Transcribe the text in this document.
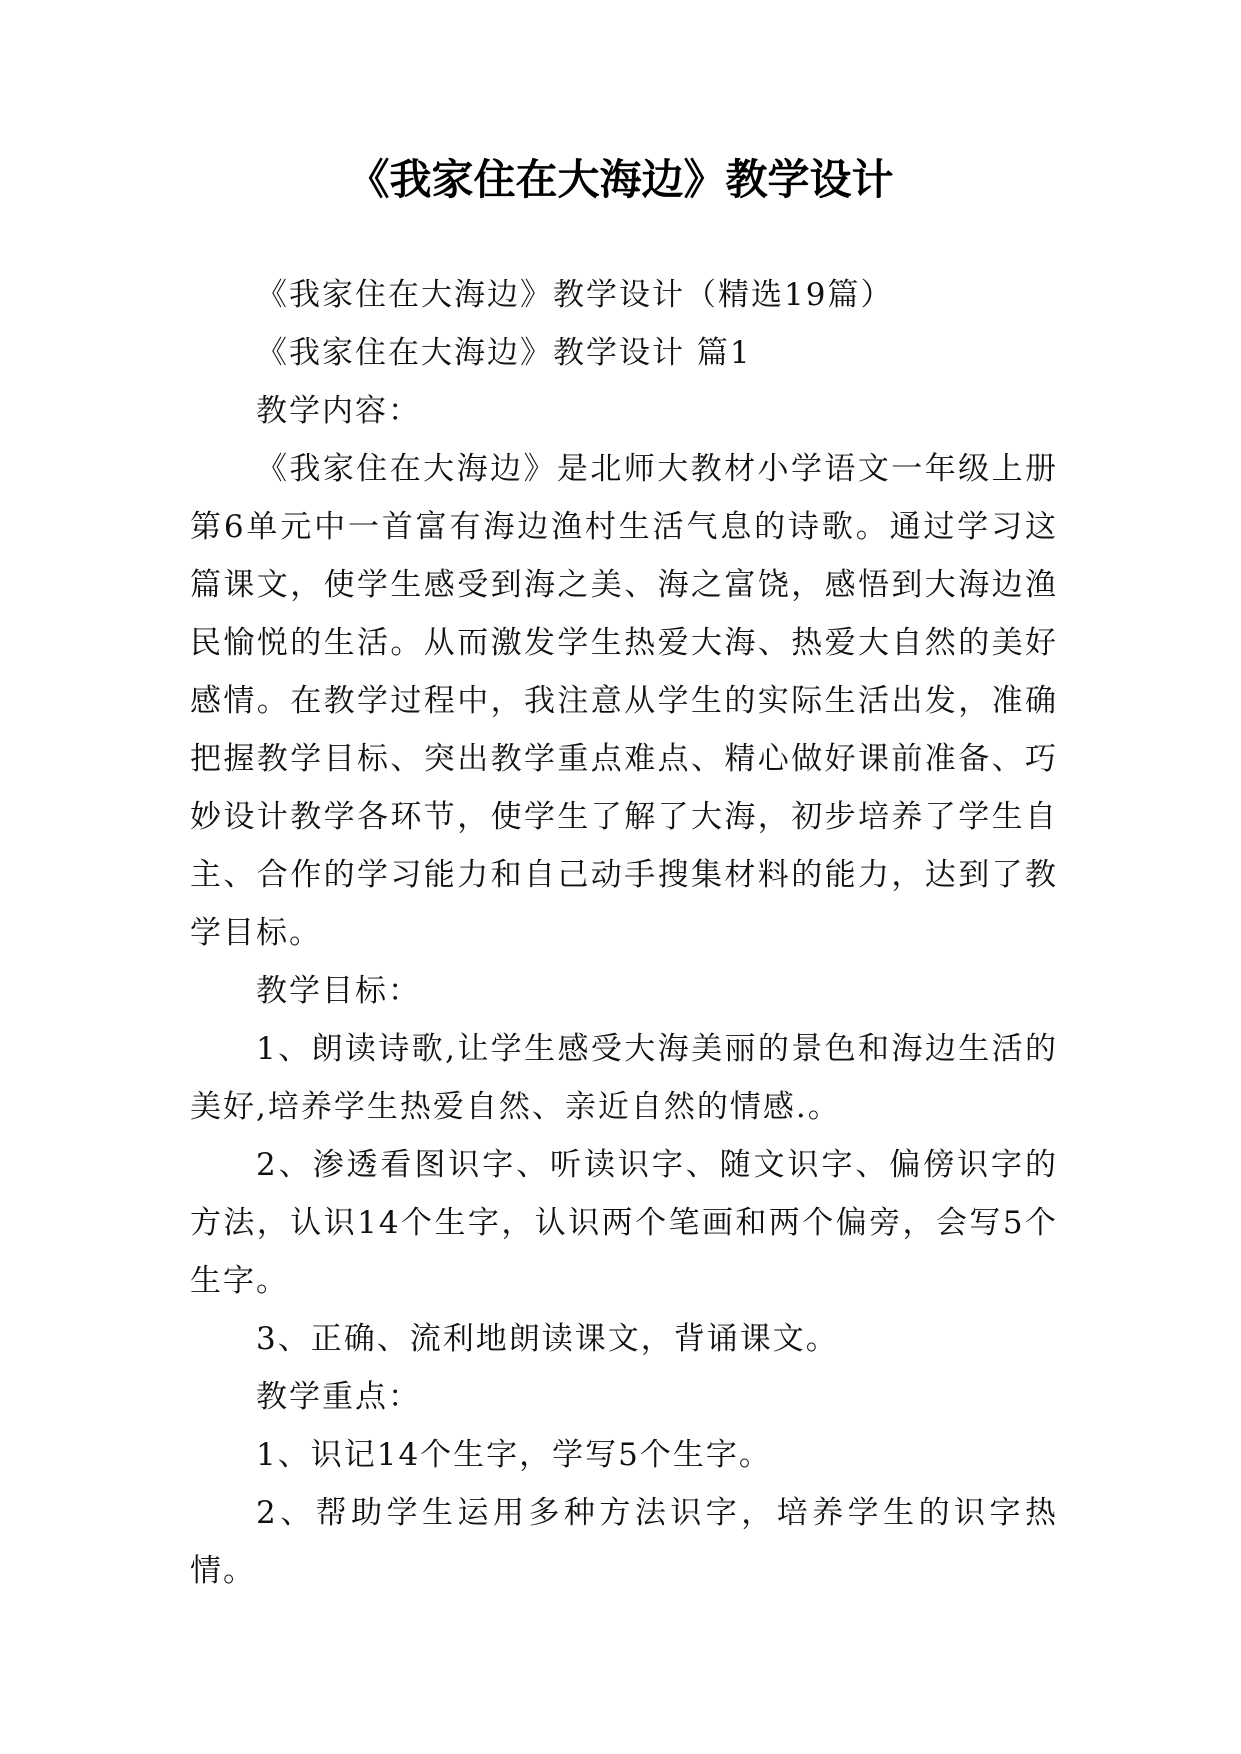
《我家住在大海边》教学设计

《我家住在大海边》教学设计（精选19篇）

《我家住在大海边》教学设计 篇1

教学内容：

《我家住在大海边》是北师大教材小学语文一年级上册第6单元中一首富有海边渔村生活气息的诗歌。通过学习这篇课文，使学生感受到海之美、海之富饶，感悟到大海边渔民愉悦的生活。从而激发学生热爱大海、热爱大自然的美好感情。在教学过程中，我注意从学生的实际生活出发，准确把握教学目标、突出教学重点难点、精心做好课前准备、巧妙设计教学各环节，使学生了解了大海，初步培养了学生自主、合作的学习能力和自己动手搜集材料的能力，达到了教学目标。

教学目标：

1、朗读诗歌,让学生感受大海美丽的景色和海边生活的美好,培养学生热爱自然、亲近自然的情感.。

2、渗透看图识字、听读识字、随文识字、偏傍识字的方法，认识14个生字，认识两个笔画和两个偏旁，会写5个生字。

3、正确、流利地朗读课文，背诵课文。

教学重点：

1、识记14个生字，学写5个生字。

2、帮助学生运用多种方法识字，培养学生的识字热情。
